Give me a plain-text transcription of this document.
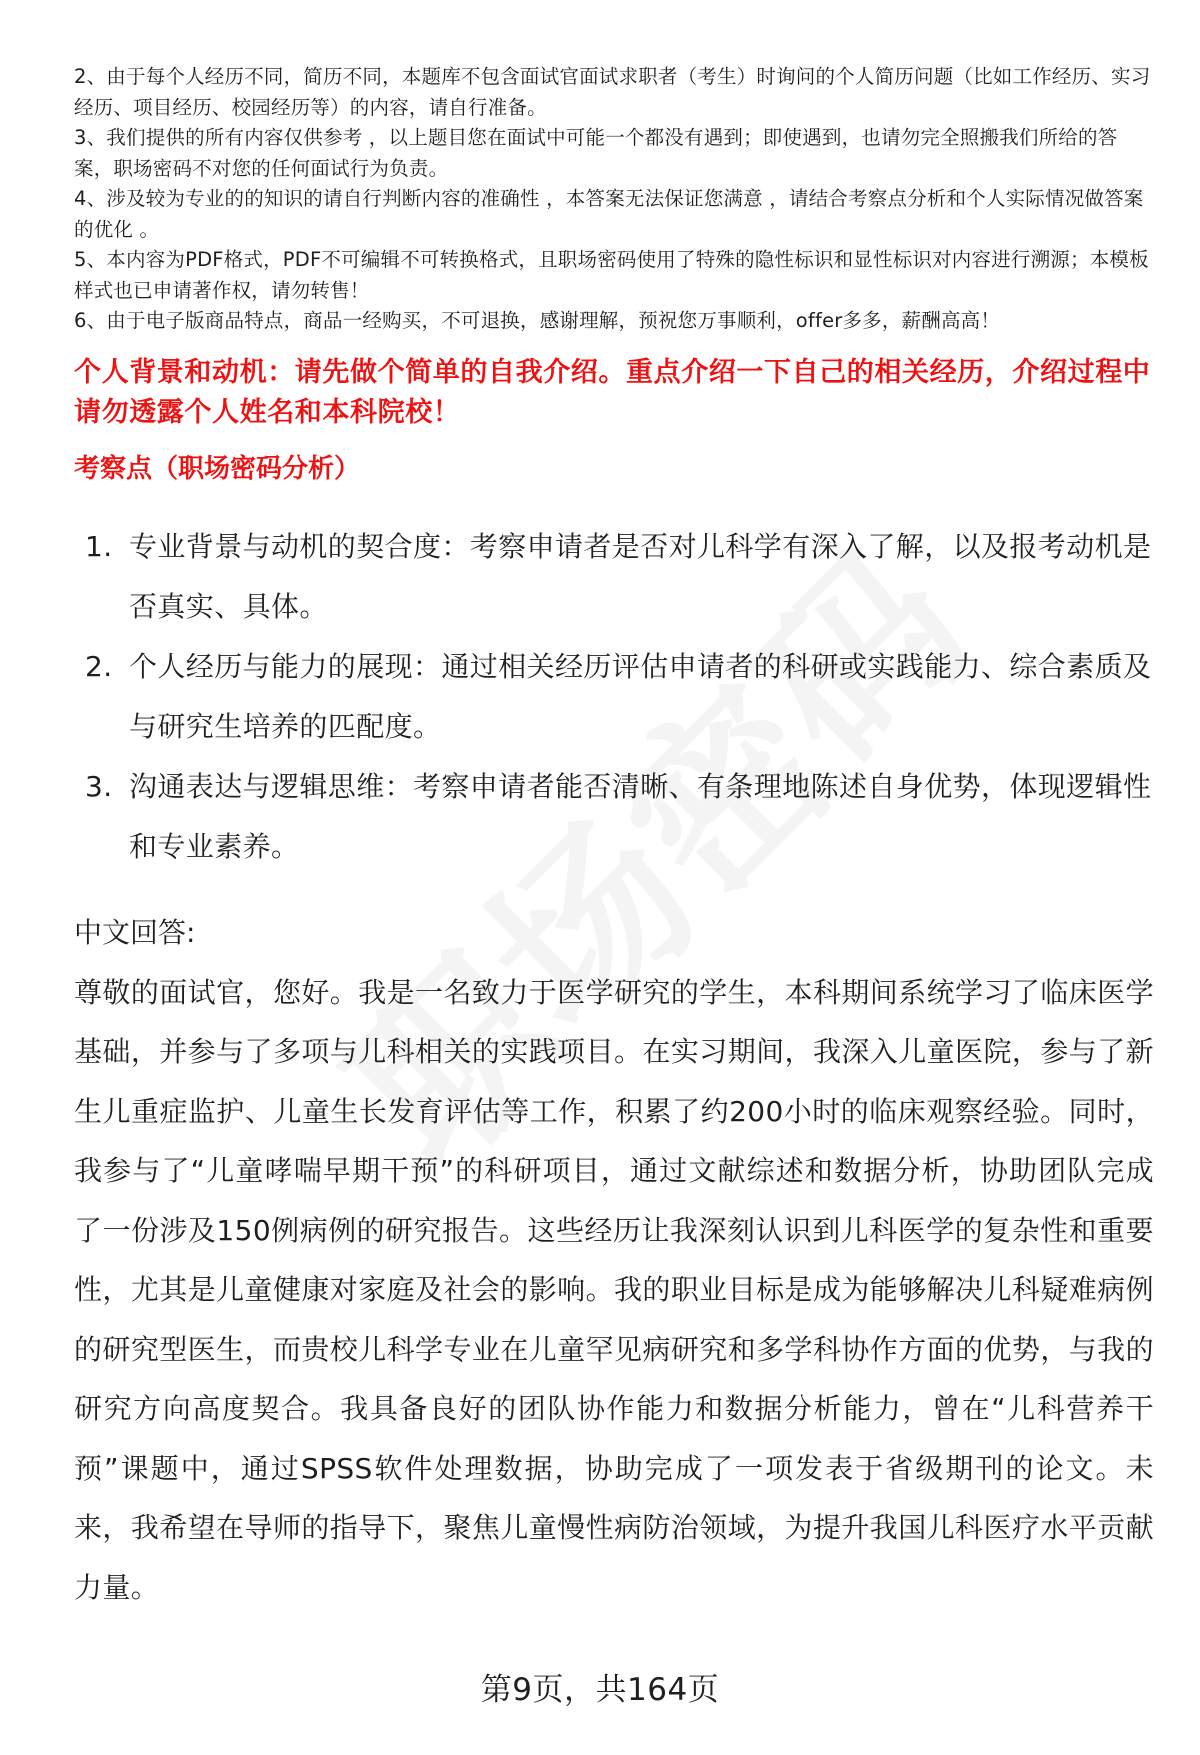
2、由于每个人经历不同，简历不同，本题库不包含面试官面试求职者（考生）时询问的个人简历问题（比如工作经历、实习经历、项目经历、校园经历等）的内容，请自行准备。

3、我们提供的所有内容仅供参考 ，以上题目您在面试中可能一个都没有遇到；即使遇到，也请勿完全照搬我们所给的答案，职场密码不对您的任何面试行为负责。

4、涉及较为专业的的知识的请自行判断内容的准确性 ，本答案无法保证您满意 ，请结合考察点分析和个人实际情况做答案的优化 。

5、本内容为PDF格式，PDF不可编辑不可转换格式，且职场密码使用了特殊的隐性标识和显性标识对内容进行溯源；本模板样式也已申请著作权，请勿转售！

6、由于电子版商品特点，商品一经购买，不可退换，感谢理解，预祝您万事顺利，offer多多，薪酬高高！

个人背景和动机：请先做个简单的自我介绍。重点介绍一下自己的相关经历，介绍过程中请勿透露个人姓名和本科院校！
考察点（职场密码分析）
1. 专业背景与动机的契合度：考察申请者是否对儿科学有深入了解，以及报考动机是否真实、具体。
2. 个人经历与能力的展现：通过相关经历评估申请者的科研或实践能力、综合素质及与研究生培养的匹配度。
3. 沟通表达与逻辑思维：考察申请者能否清晰、有条理地陈述自身优势，体现逻辑性和专业素养。
中文回答:

尊敬的面试官，您好。我是一名致力于医学研究的学生，本科期间系统学习了临床医学基础，并参与了多项与儿科相关的实践项目。在实习期间，我深入儿童医院，参与了新生儿重症监护、儿童生长发育评估等工作，积累了约200小时的临床观察经验。同时，我参与了“儿童哮喘早期干预”的科研项目，通过文献综述和数据分析，协助团队完成了一份涉及150例病例的研究报告。这些经历让我深刻认识到儿科医学的复杂性和重要性，尤其是儿童健康对家庭及社会的影响。我的职业目标是成为能够解决儿科疑难病例的研究型医生，而贵校儿科学专业在儿童罕见病研究和多学科协作方面的优势，与我的研究方向高度契合。我具备良好的团队协作能力和数据分析能力，曾在“儿科营养干预”课题中，通过SPSS软件处理数据，协助完成了一项发表于省级期刊的论文。未来，我希望在导师的指导下，聚焦儿童慢性病防治领域，为提升我国儿科医疗水平贡献力量。

第9页，共164页
